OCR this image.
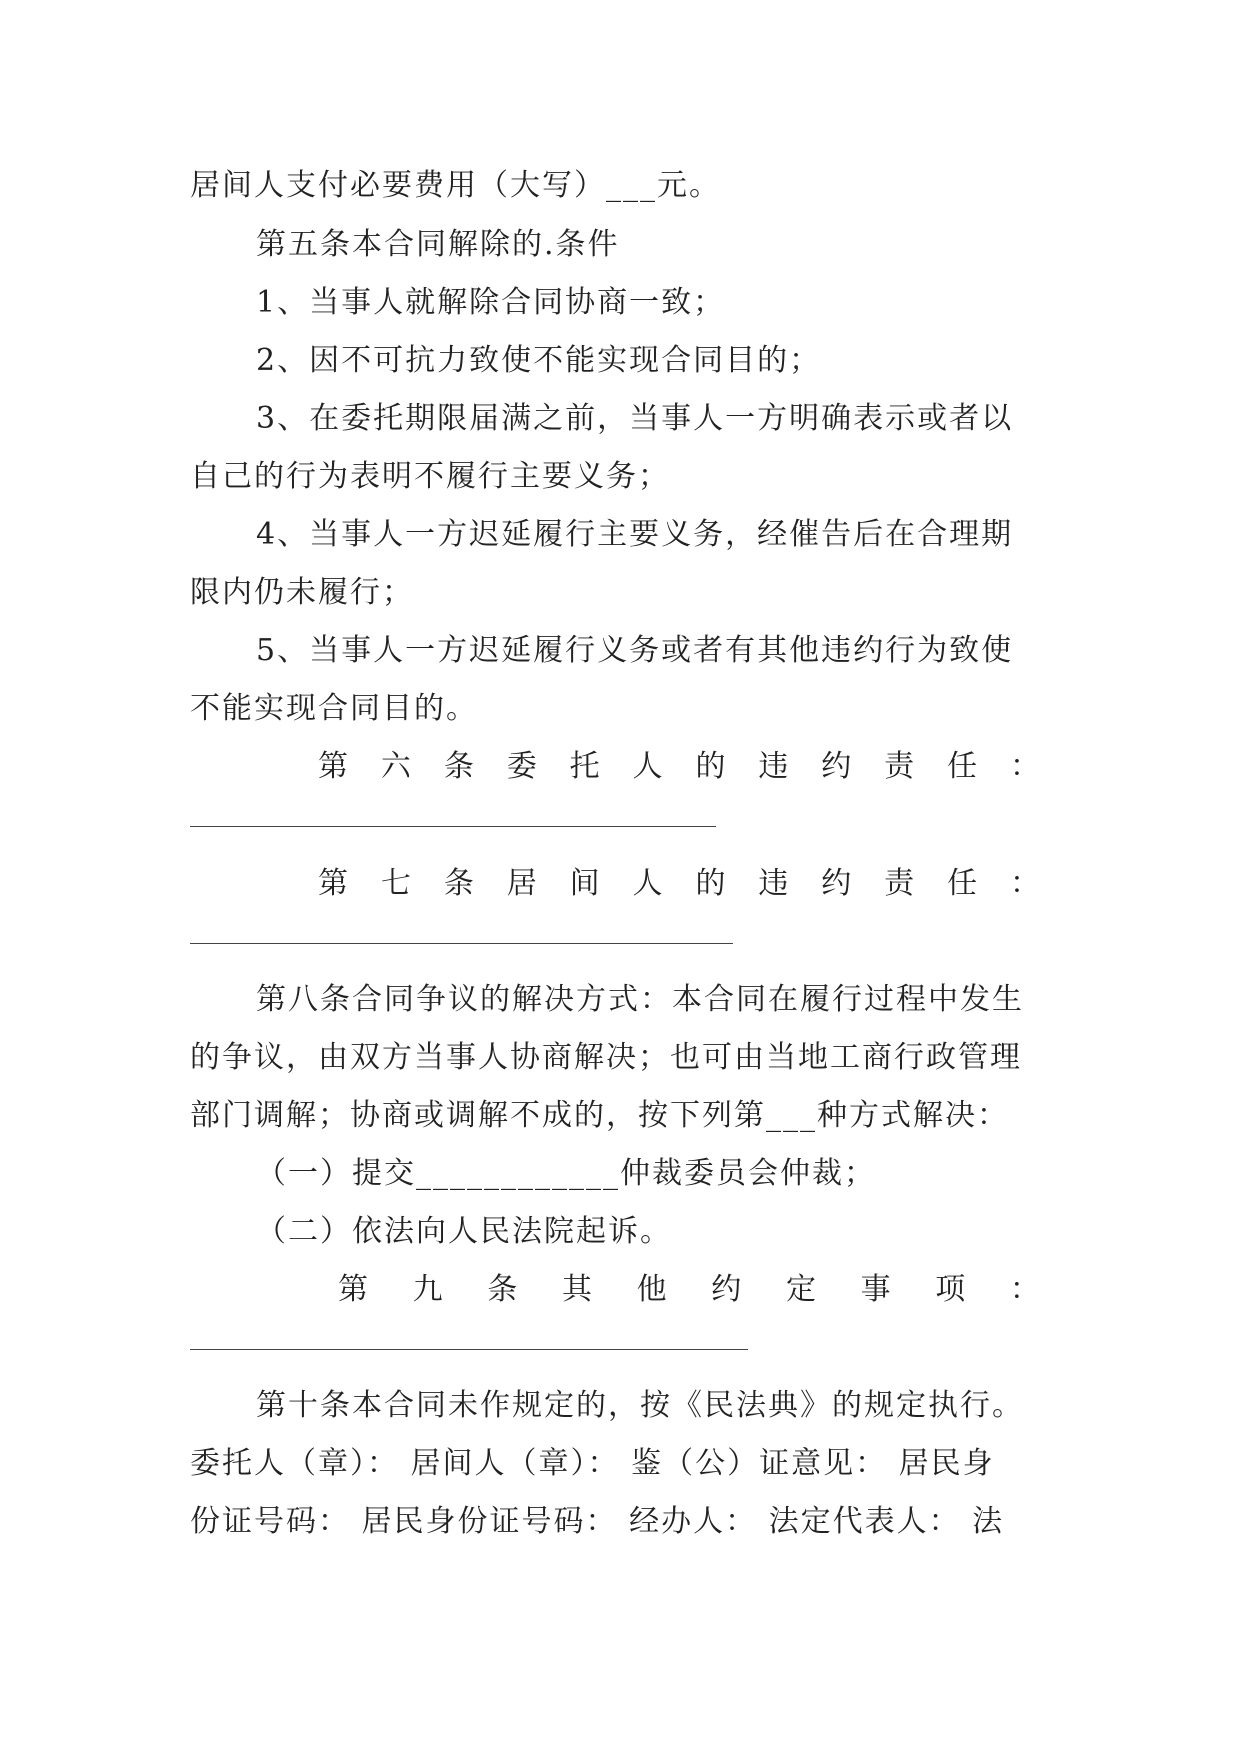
居间人支付必要费用（大写）___元。
第五条本合同解除的.条件
1、当事人就解除合同协商一致；
2、因不可抗力致使不能实现合同目的；
3、在委托期限届满之前，当事人一方明确表示或者以
自己的行为表明不履行主要义务；
4、当事人一方迟延履行主要义务，经催告后在合理期
限内仍未履行；
5、当事人一方迟延履行义务或者有其他违约行为致使
不能实现合同目的。
第 六 条 委 托 人 的 违 约 责 任 ：
第 七 条 居 间 人 的 违 约 责 任 ：
第八条合同争议的解决方式：本合同在履行过程中发生
的争议，由双方当事人协商解决；也可由当地工商行政管理
部门调解；协商或调解不成的，按下列第___种方式解决：
（一）提交____________仲裁委员会仲裁；
（二）依法向人民法院起诉。
第 九 条 其 他 约 定 事 项 ：
第十条本合同未作规定的，按《民法典》的规定执行。
委托人（章）： 居间人（章）： 鉴（公）证意见： 居民身
份证号码： 居民身份证号码： 经办人： 法定代表人： 法
